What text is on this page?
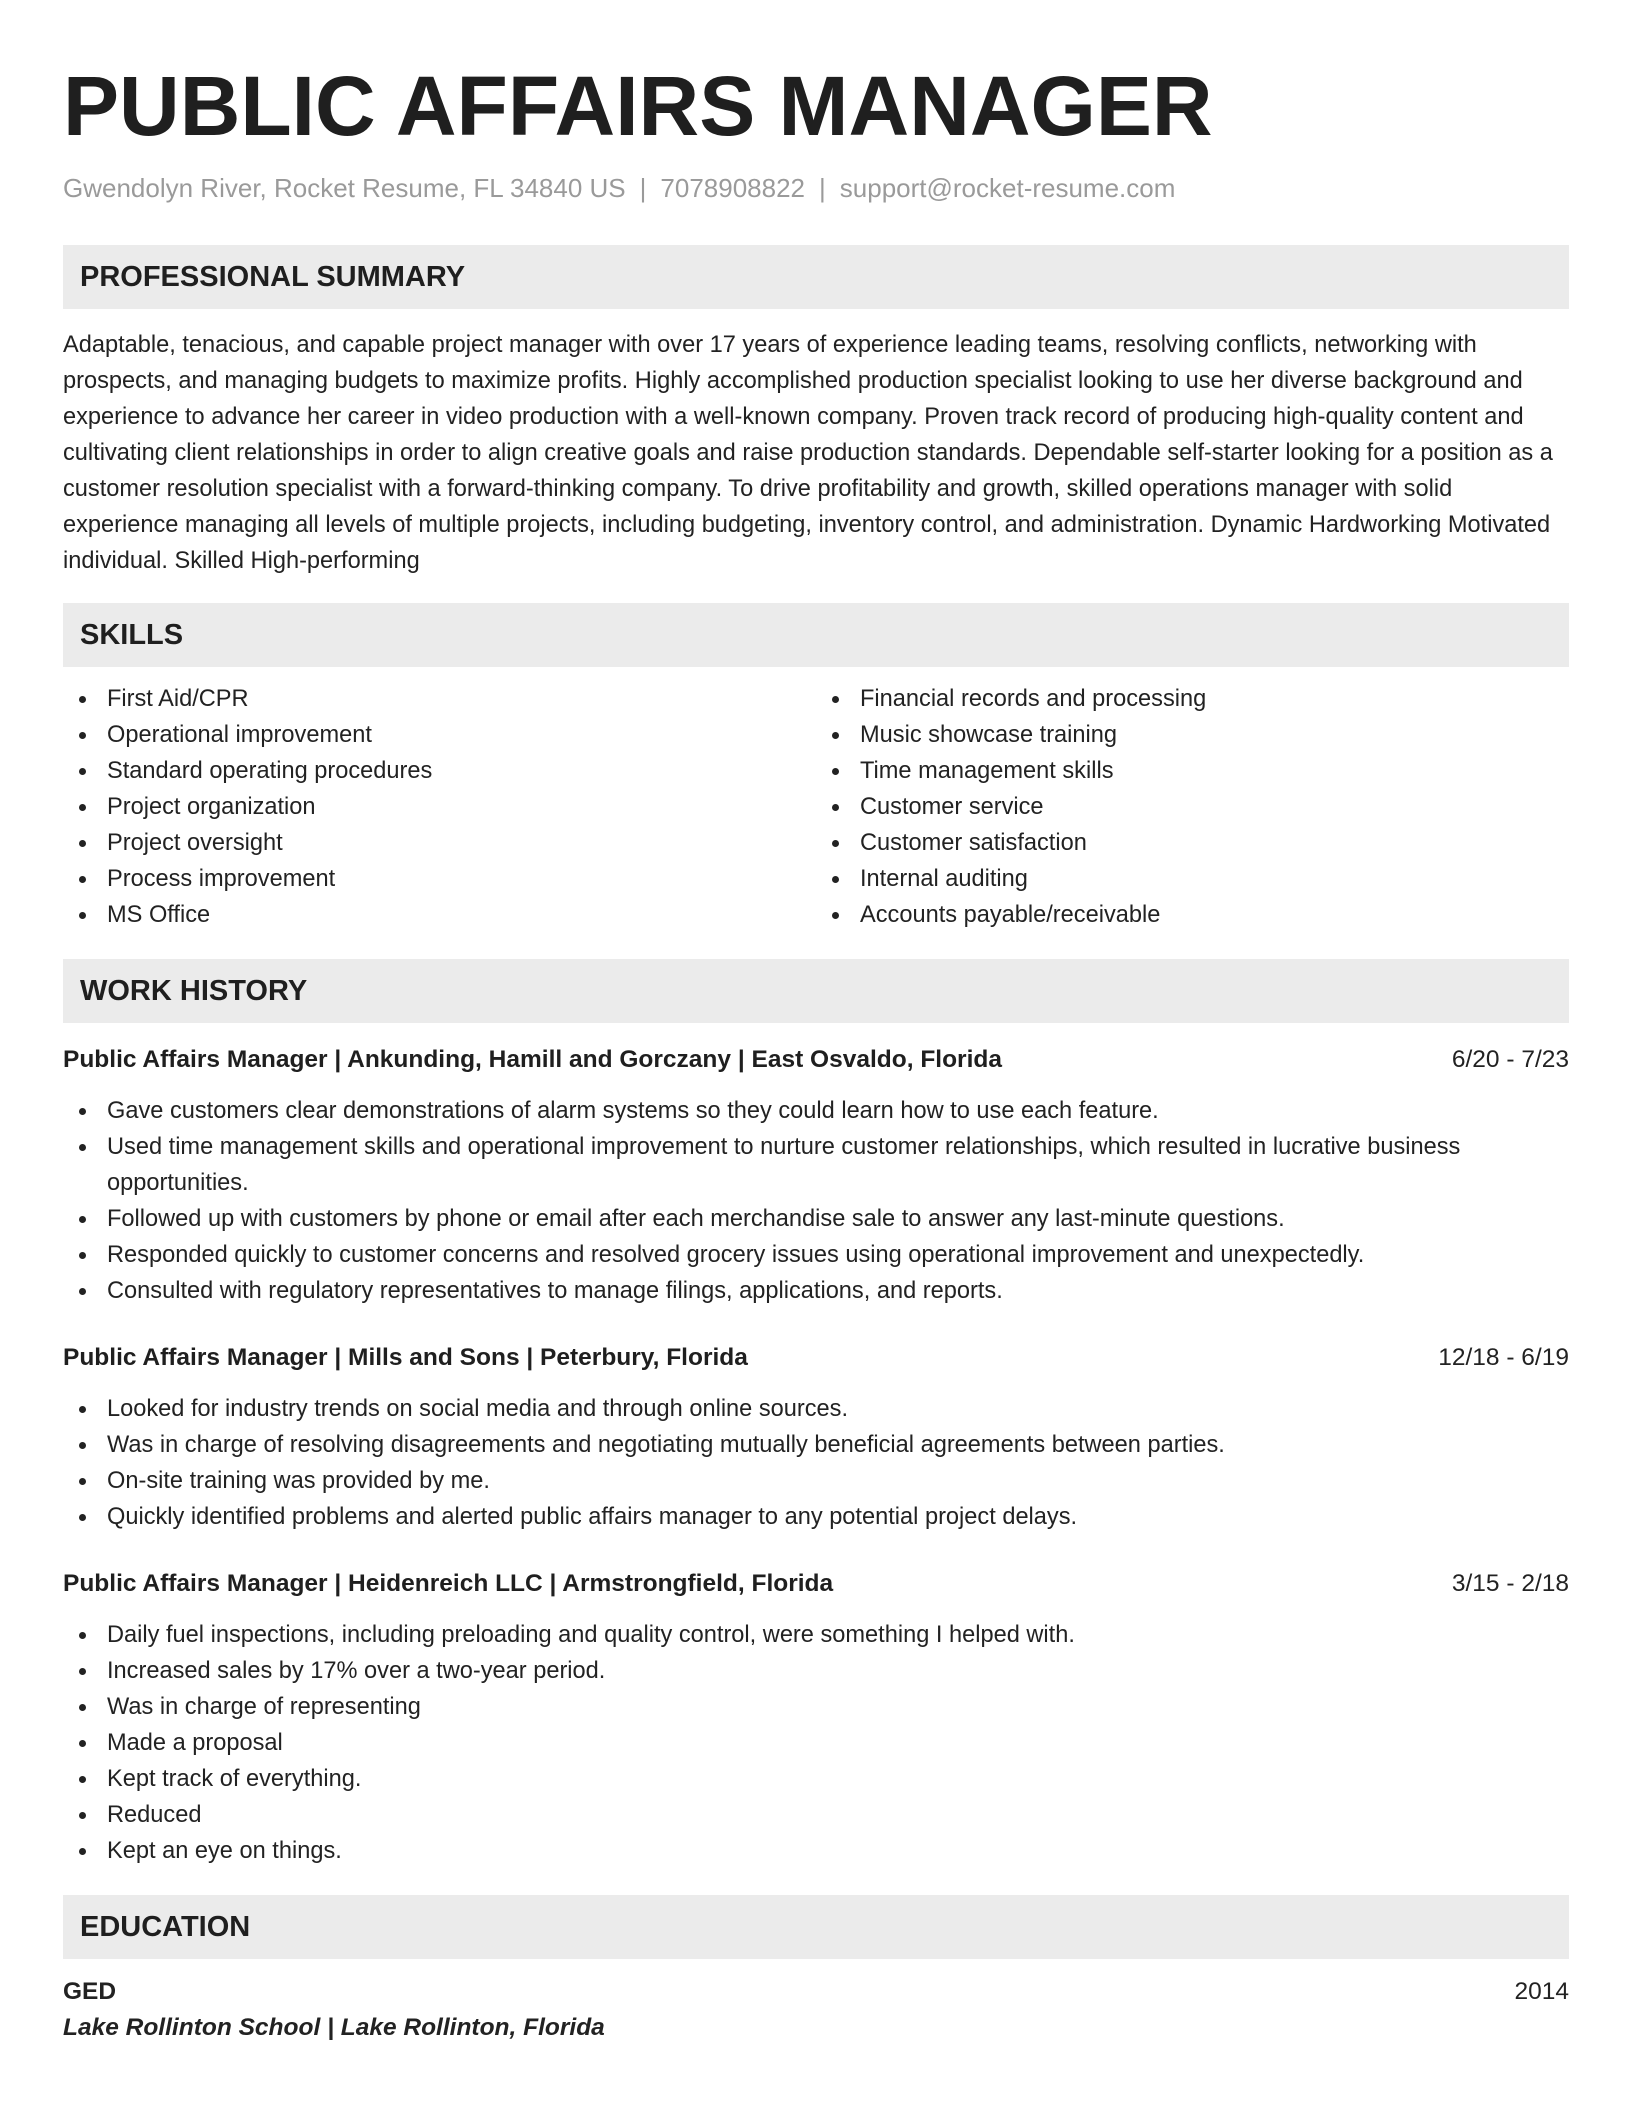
PUBLIC AFFAIRS MANAGER
Gwendolyn River, Rocket Resume, FL 34840 US | 7078908822 | support@rocket-resume.com
PROFESSIONAL SUMMARY
Adaptable, tenacious, and capable project manager with over 17 years of experience leading teams, resolving conflicts, networking with prospects, and managing budgets to maximize profits. Highly accomplished production specialist looking to use her diverse background and experience to advance her career in video production with a well-known company. Proven track record of producing high-quality content and cultivating client relationships in order to align creative goals and raise production standards. Dependable self-starter looking for a position as a customer resolution specialist with a forward-thinking company. To drive profitability and growth, skilled operations manager with solid experience managing all levels of multiple projects, including budgeting, inventory control, and administration. Dynamic Hardworking Motivated individual. Skilled High-performing
SKILLS
First Aid/CPR
Operational improvement
Standard operating procedures
Project organization
Project oversight
Process improvement
MS Office
Financial records and processing
Music showcase training
Time management skills
Customer service
Customer satisfaction
Internal auditing
Accounts payable/receivable
WORK HISTORY
Public Affairs Manager | Ankunding, Hamill and Gorczany | East Osvaldo, Florida	6/20 - 7/23
Gave customers clear demonstrations of alarm systems so they could learn how to use each feature.
Used time management skills and operational improvement to nurture customer relationships, which resulted in lucrative business opportunities.
Followed up with customers by phone or email after each merchandise sale to answer any last-minute questions.
Responded quickly to customer concerns and resolved grocery issues using operational improvement and unexpectedly.
Consulted with regulatory representatives to manage filings, applications, and reports.
Public Affairs Manager | Mills and Sons | Peterbury, Florida	12/18 - 6/19
Looked for industry trends on social media and through online sources.
Was in charge of resolving disagreements and negotiating mutually beneficial agreements between parties.
On-site training was provided by me.
Quickly identified problems and alerted public affairs manager to any potential project delays.
Public Affairs Manager | Heidenreich LLC | Armstrongfield, Florida	3/15 - 2/18
Daily fuel inspections, including preloading and quality control, were something I helped with.
Increased sales by 17% over a two-year period.
Was in charge of representing
Made a proposal
Kept track of everything.
Reduced
Kept an eye on things.
EDUCATION
GED	2014
Lake Rollinton School | Lake Rollinton, Florida
